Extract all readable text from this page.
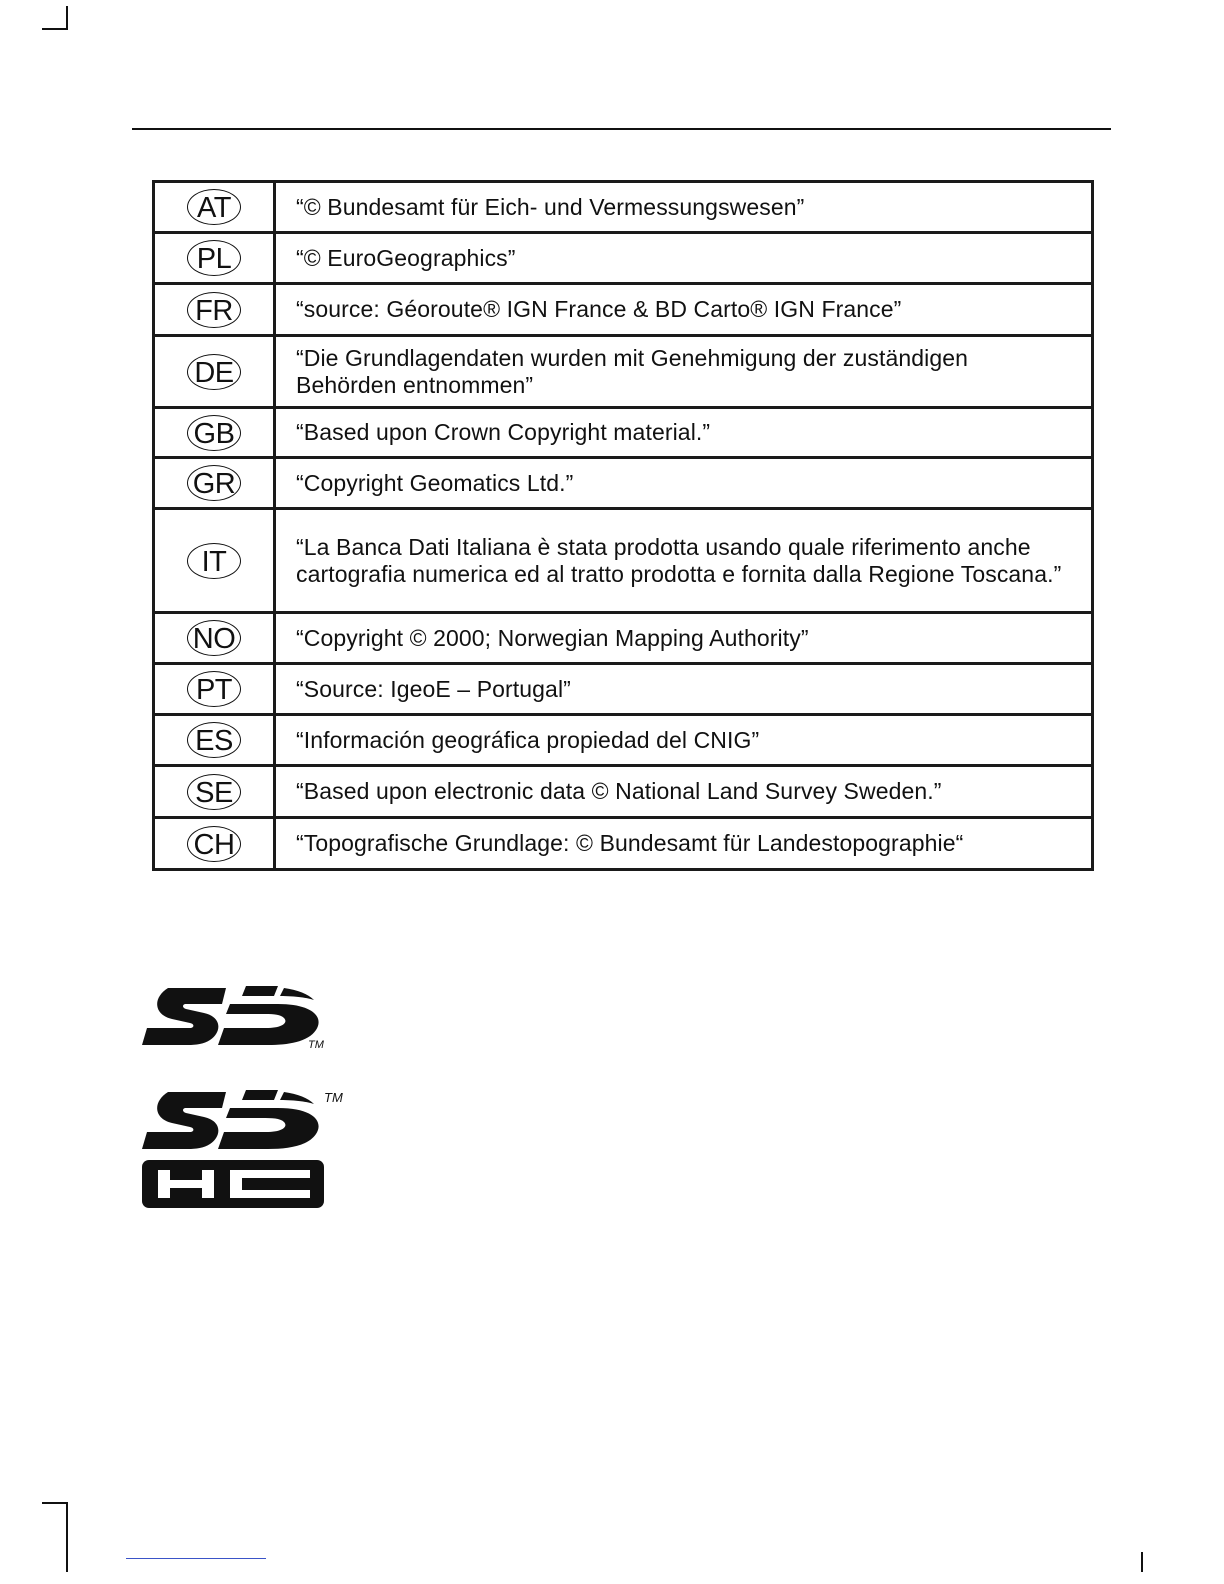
AT	“© Bundesamt für Eich- und Vermessungswesen”
PL	“© EuroGeographics”
FR	“source: Géoroute® IGN France & BD Carto® IGN France”
DE	“Die Grundlagendaten wurden mit Genehmigung der zuständigen Behörden entnommen”
GB	“Based upon Crown Copyright material.”
GR	“Copyright Geomatics Ltd.”
IT	“La Banca Dati Italiana è stata prodotta usando quale riferimento anche cartografia numerica ed al tratto prodotta e fornita dalla Regione Toscana.”
NO	“Copyright © 2000; Norwegian Mapping Authority”
PT	“Source: IgeoE – Portugal”
ES	“Información geográfica propiedad del CNIG”
SE	“Based upon electronic data © National Land Survey Sweden.”
CH	“Topografische Grundlage: © Bundesamt für Landestopographie“
TM
TM
